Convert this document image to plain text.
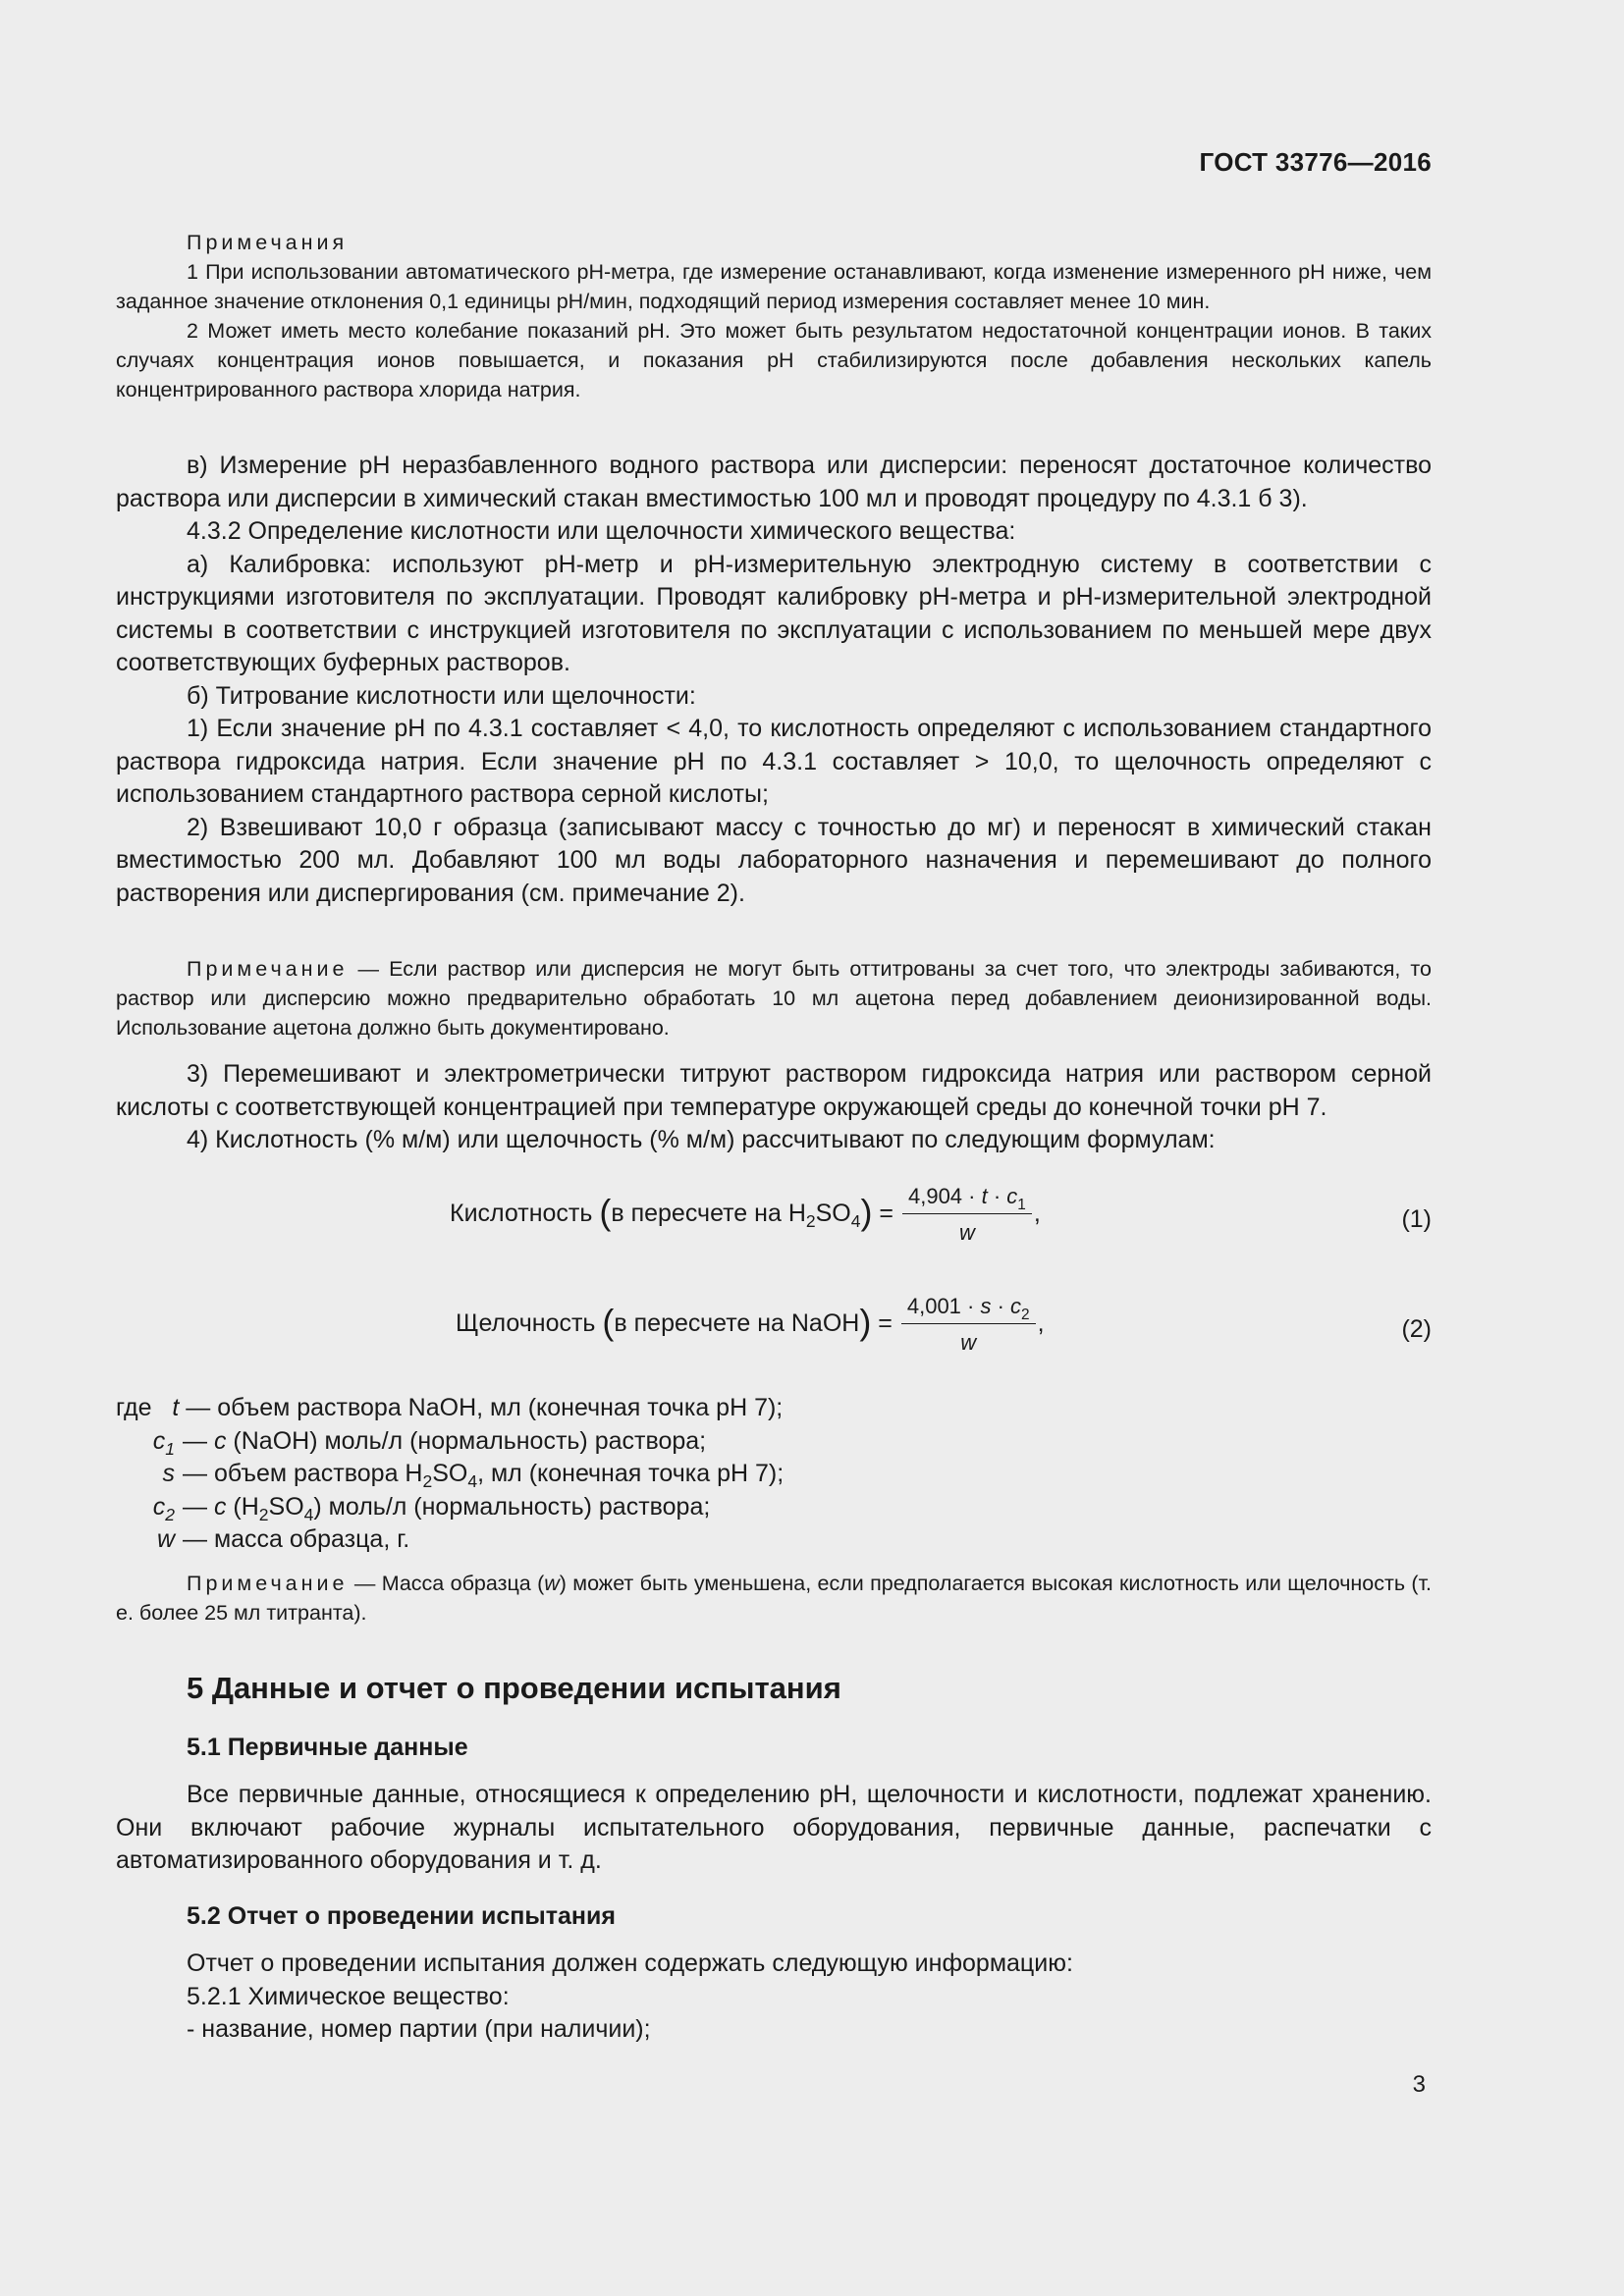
ГОСТ 33776—2016

Примечания

1 При использовании автоматического рН-метра, где измерение останавливают, когда изменение измеренного рН ниже, чем заданное значение отклонения 0,1 единицы рН/мин, подходящий период измерения составляет менее 10 мин.

2 Может иметь место колебание показаний рН. Это может быть результатом недостаточной концентрации ионов. В таких случаях концентрация ионов повышается, и показания рН стабилизируются после добавления нескольких капель концентрированного раствора хлорида натрия.

в) Измерение рН неразбавленного водного раствора или дисперсии: переносят достаточное количество раствора или дисперсии в химический стакан вместимостью 100 мл и проводят процедуру по 4.3.1 б 3).

4.3.2 Определение кислотности или щелочности химического вещества:

а) Калибровка: используют рН-метр и рН-измерительную электродную систему в соответствии с инструкциями изготовителя по эксплуатации. Проводят калибровку рН-метра и рН-измерительной электродной системы в соответствии с инструкцией изготовителя по эксплуатации с использованием по меньшей мере двух соответствующих буферных растворов.

б) Титрование кислотности или щелочности:

1) Если значение рН по 4.3.1 составляет < 4,0, то кислотность определяют с использованием стандартного раствора гидроксида натрия. Если значение рН по 4.3.1 составляет > 10,0, то щелочность определяют с использованием стандартного раствора серной кислоты;

2) Взвешивают 10,0 г образца (записывают массу с точностью до мг) и переносят в химический стакан вместимостью 200 мл. Добавляют 100 мл воды лабораторного назначения и перемешивают до полного растворения или диспергирования (см. примечание 2).

Примечание — Если раствор или дисперсия не могут быть оттитрованы за счет того, что электроды забиваются, то раствор или дисперсию можно предварительно обработать 10 мл ацетона перед добавлением деионизированной воды. Использование ацетона должно быть документировано.

3) Перемешивают и электрометрически титруют раствором гидроксида натрия или раствором серной кислоты с соответствующей концентрацией при температуре окружающей среды до конечной точки рН 7.

4) Кислотность (% м/м) или щелочность (% м/м) рассчитывают по следующим формулам:

Кислотность (в пересчете на $H_2SO_4) = \frac{4,904 \cdot t \cdot c_1}{w}$ ,	(1)
Щелочность (в пересчете на NaOH) = $\frac{4,001 \cdot s \cdot c_2}{w}$ ,	(2)
где t — объем раствора NaOH, мл (конечная точка рН 7);
$c_1$ — c (NaOH) моль/л (нормальность) раствора;
s — объем раствора $H_2SO_4$, мл (конечная точка рН 7);
$c_2$ — c $(H_2SO_4)$ моль/л (нормальность) раствора;
w — масса образца, г.

Примечание — Масса образца (w) может быть уменьшена, если предполагается высокая кислотность или щелочность (т. е. более 25 мл титранта).

5 Данные и отчет о проведении испытания
5.1 Первичные данные

Все первичные данные, относящиеся к определению рН, щелочности и кислотности, подлежат хранению. Они включают рабочие журналы испытательного оборудования, первичные данные, распечатки с автоматизированного оборудования и т. д.

5.2 Отчет о проведении испытания

Отчет о проведении испытания должен содержать следующую информацию:

5.2.1 Химическое вещество:

- название, номер партии (при наличии);

3
